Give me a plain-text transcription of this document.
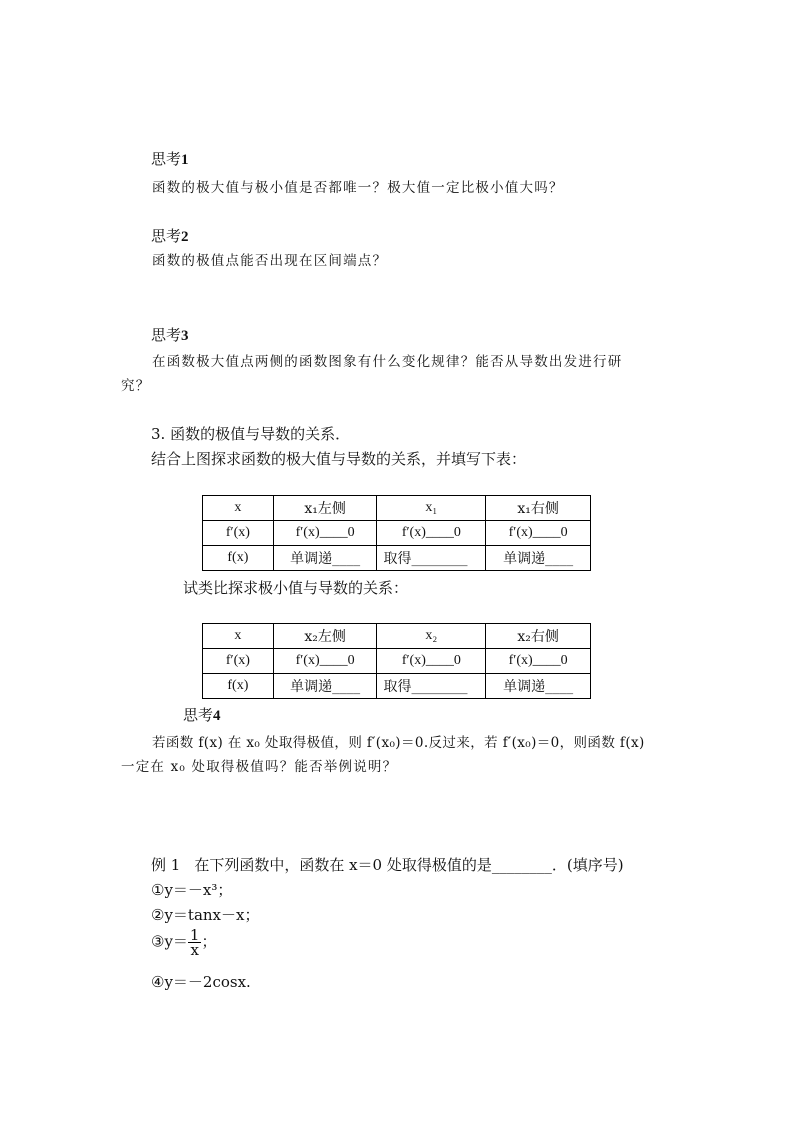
思考1
函数的极大值与极小值是否都唯一？极大值一定比极小值大吗？
思考2
函数的极值点能否出现在区间端点？
思考3
在函数极大值点两侧的函数图象有什么变化规律？能否从导数出发进行研
究？
3. 函数的极值与导数的关系．
结合上图探求函数的极大值与导数的关系，并填写下表：
x	x₁左侧	x₁	x₁右侧
f′(x)	f′(x)____0	f′(x)____0	f′(x)____0
f(x)	单调递____	取得________	单调递____
试类比探求极小值与导数的关系：
x	x₂左侧	x₂	x₂右侧
f′(x)	f′(x)____0	f′(x)____0	f′(x)____0
f(x)	单调递____	取得________	单调递____
思考4
若函数 f(x) 在 x₀ 处取得极值，则 f′(x₀)＝0.反过来，若 f′(x₀)＝0，则函数 f(x)
一定在 x₀ 处取得极值吗？能否举例说明？
例 1 在下列函数中，函数在 x＝0 处取得极值的是________．(填序号)
①y＝－x³；
②y＝tanx－x；
③y＝ $\frac{1}{x}$ ；
④y＝－2cosx.
